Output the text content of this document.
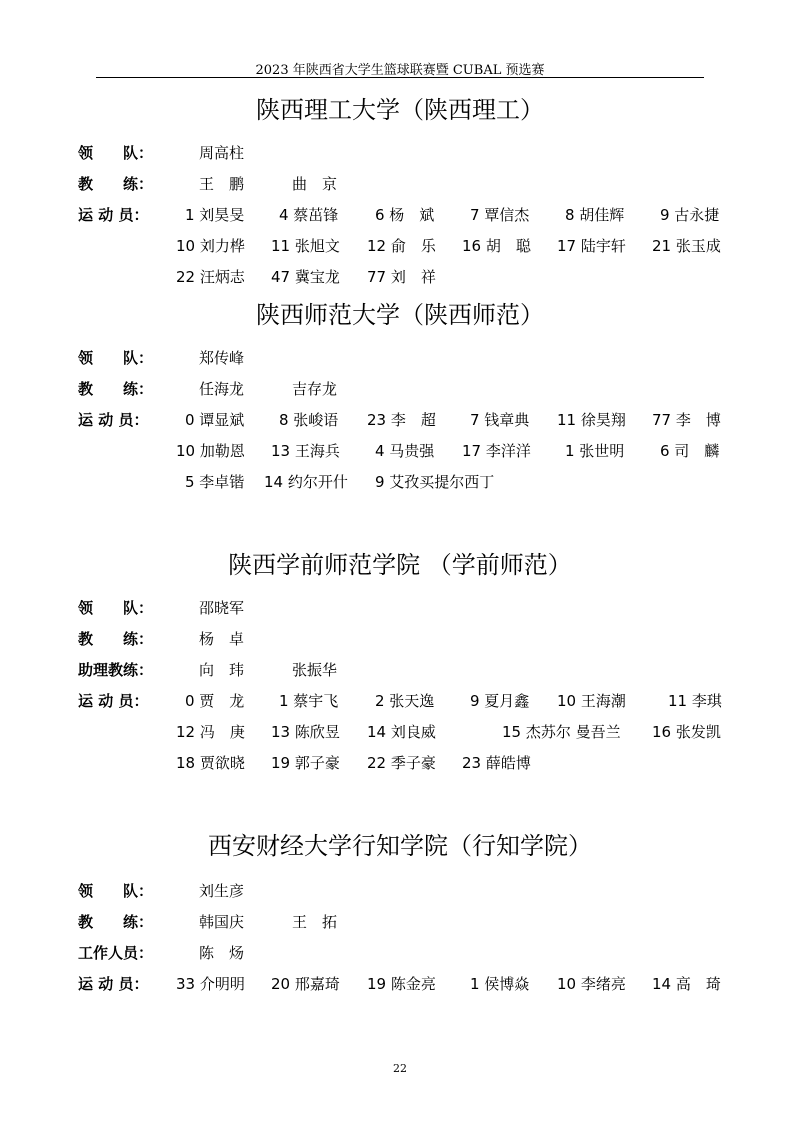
2023 年陕西省大学生篮球联赛暨 CUBAL 预选赛
陕西理工大学（陕西理工）
领　　队：	周高柱
教　　练：	王　鹏	曲　京
运 动 员： 1 刘昊旻 4 蔡茁锋 6 杨　斌 7 覃信杰 8 胡佳辉 9 古永捷
10 刘力桦 11 张旭文 12 俞　乐 16 胡　聪 17 陆宇轩 21 张玉成
22 汪炳志 47 冀宝龙 77 刘　祥
陕西师范大学（陕西师范）
领　　队：	郑传峰
教　　练：	任海龙	吉存龙
运 动 员： 0 谭显斌 8 张峻语 23 李　超 7 钱章典 11 徐昊翔 77 李　博
10 加勒恩 13 王海兵 4 马贵强 17 李洋洋 1 张世明 6 司　麟
5 李卓锴 14 约尔开什 9 艾孜买提尔西丁
陕西学前师范学院 （学前师范）
领　　队：	邵晓军
教　　练：	杨　卓
助理教练：	向　玮	张振华
运 动 员： 0 贾　龙 1 蔡宇飞 2 张天逸 9 夏月鑫 10 王海潮	11 李琪
12 冯　庚 13 陈欣昱 14 刘良威	15 杰苏尔 曼吾兰 16 张发凯
18 贾欲晓 19 郭子豪 22 季子豪 23 薛皓博
西安财经大学行知学院（行知学院）
领　　队：	刘生彦
教　　练：	韩国庆	王　拓
工作人员：	陈　炀
运 动 员： 33 介明明 20 邢嘉琦 19 陈金亮 1 侯博焱 10 李绪亮 14 高　琦
22
